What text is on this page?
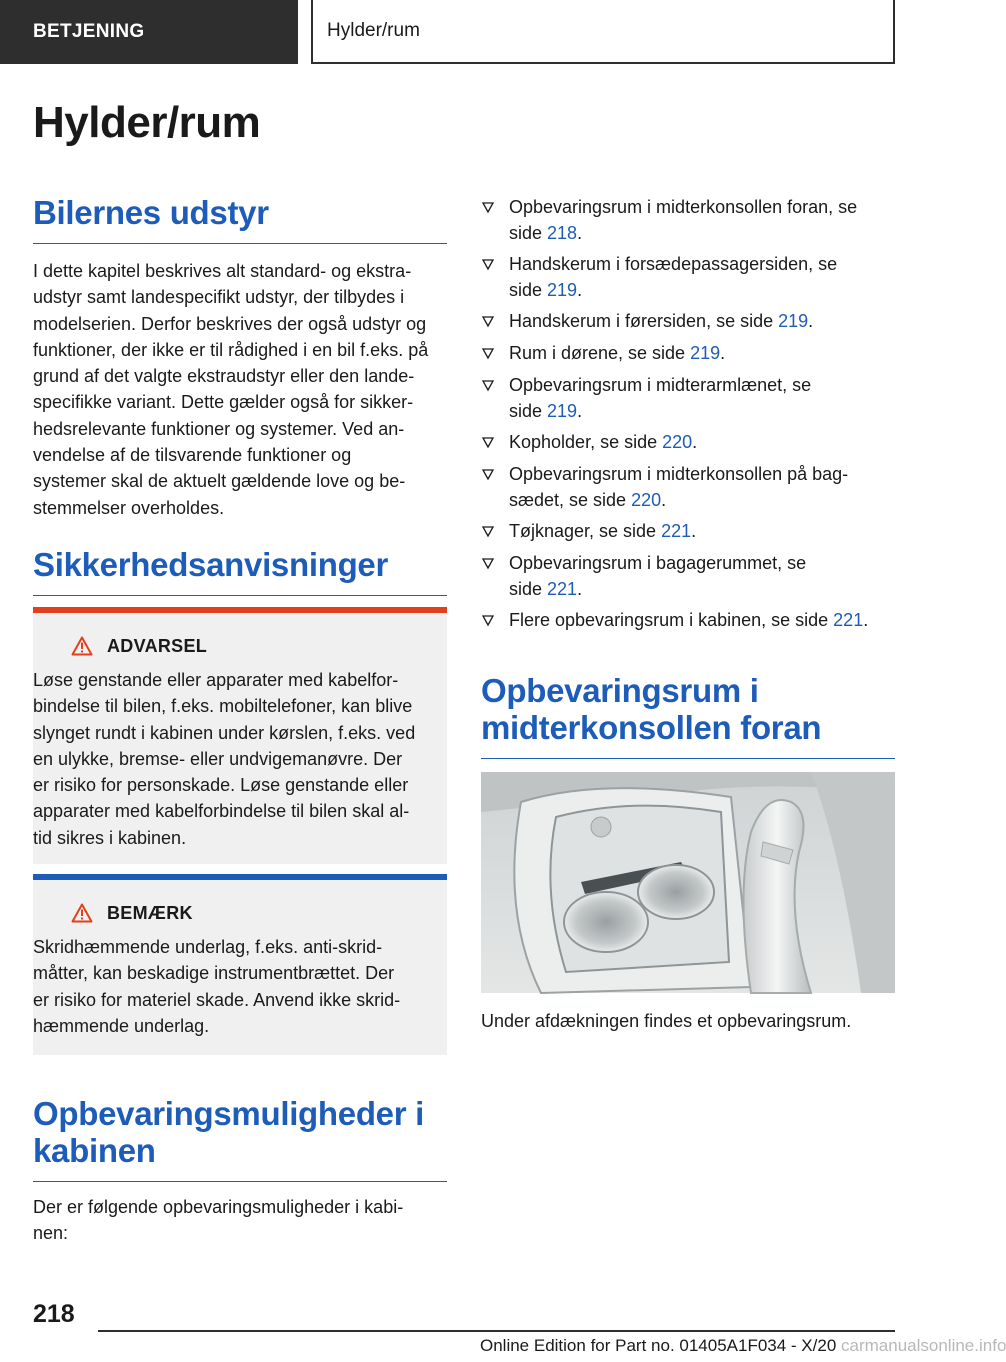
BETJENING	Hylder/rum
Hylder/rum
Bilernes udstyr
I dette kapitel beskrives alt standard- og ekstra-
udstyr samt landespecifikt udstyr, der tilbydes i
modelserien. Derfor beskrives der også udstyr og
funktioner, der ikke er til rådighed i en bil f.eks. på
grund af det valgte ekstraudstyr eller den lande-
specifikke variant. Dette gælder også for sikker-
hedsrelevante funktioner og systemer. Ved an-
vendelse af de tilsvarende funktioner og
systemer skal de aktuelt gældende love og be-
stemmelser overholdes.
Sikkerhedsanvisninger
ADVARSEL
Løse genstande eller apparater med kabelfor-
bindelse til bilen, f.eks. mobiltelefoner, kan blive
slynget rundt i kabinen under kørslen, f.eks. ved
en ulykke, bremse- eller undvigemanøvre. Der
er risiko for personskade. Løse genstande eller
apparater med kabelforbindelse til bilen skal al-
tid sikres i kabinen.
BEMÆRK
Skridhæmmende underlag, f.eks. anti-skrid-
måtter, kan beskadige instrumentbrættet. Der
er risiko for materiel skade. Anvend ikke skrid-
hæmmende underlag.
Opbevaringsmuligheder i
kabinen
Der er følgende opbevaringsmuligheder i kabi-
nen:
Opbevaringsrum i midterkonsollen foran, se
side 218.
Handskerum i forsædepassagersiden, se
side 219.
Handskerum i førersiden, se side 219.
Rum i dørene, se side 219.
Opbevaringsrum i midterarmlænet, se
side 219.
Kopholder, se side 220.
Opbevaringsrum i midterkonsollen på bag-
sædet, se side 220.
Tøjknager, se side 221.
Opbevaringsrum i bagagerummet, se
side 221.
Flere opbevaringsrum i kabinen, se side 221.
Opbevaringsrum i
midterkonsollen foran
Under afdækningen findes et opbevaringsrum.
218
Online Edition for Part no. 01405A1F034 - X/20 carmanualsonline.info
